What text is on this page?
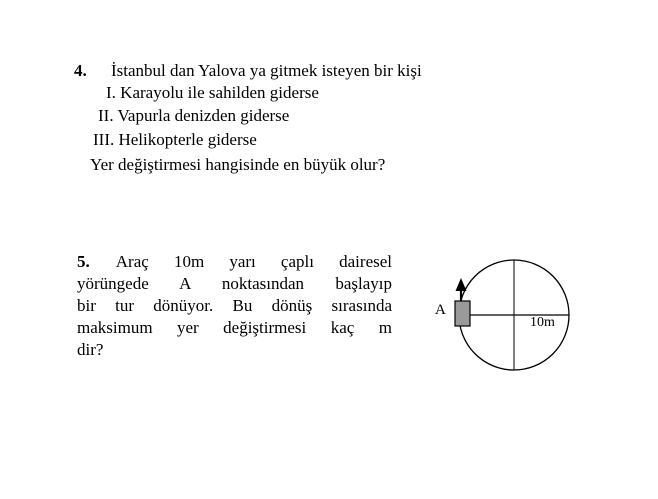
4. İstanbul dan Yalova ya gitmek isteyen bir kişi
I. Karayolu ile sahilden giderse
II. Vapurla denizden giderse
III. Helikopterle giderse
Yer değiştirmesi hangisinde en büyük olur?
5. Araç 10m yarı çaplı dairesel
yörüngede A noktasından başlayıp
bir tur dönüyor. Bu dönüş sırasında
maksimum yer değiştirmesi kaç m
dir?
A
10m
